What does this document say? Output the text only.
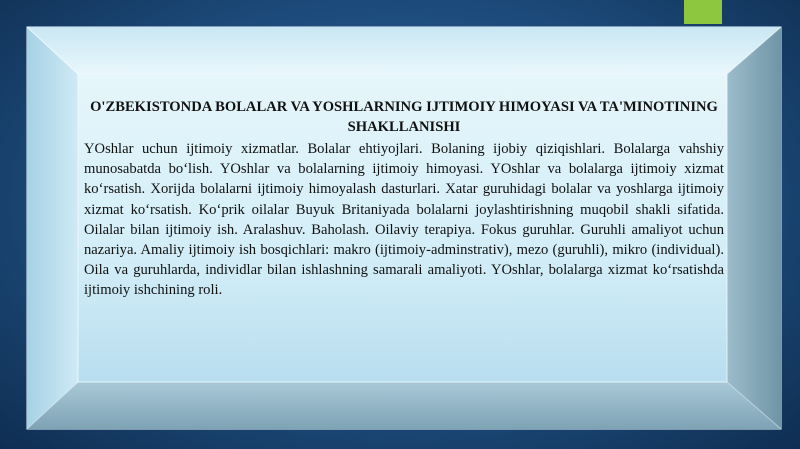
O'ZBEKISTONDA BOLALAR VA YOSHLARNING IJTIMOIY HIMOYASI VA TA'MINOTINING SHAKLLANISHI

YOshlar uchun ijtimoiy xizmatlar. Bolalar ehtiyojlari. Bolaning ijobiy qiziqishlari. Bolalarga vahshiy munosabatda bo‘lish. YOshlar va bolalarning ijtimoiy himoyasi. YOshlar va bolalarga ijtimoiy xizmat ko‘rsatish. Xorijda bolalarni ijtimoiy himoyalash dasturlari. Xatar guruhidagi bolalar va yoshlarga ijtimoiy xizmat ko‘rsatish. Ko‘prik oilalar Buyuk Britaniyada bolalarni joylashtirishning muqobil shakli sifatida. Oilalar bilan ijtimoiy ish. Aralashuv. Baholash. Oilaviy terapiya. Fokus guruhlar. Guruhli amaliyot uchun nazariya. Amaliy ijtimoiy ish bosqichlari: makro (ijtimoiy-adminstrativ), mezo (guruhli), mikro (individual). Oila va guruhlarda, individlar bilan ishlashning samarali amaliyoti. YOshlar, bolalarga xizmat ko‘rsatishda ijtimoiy ishchining roli.
